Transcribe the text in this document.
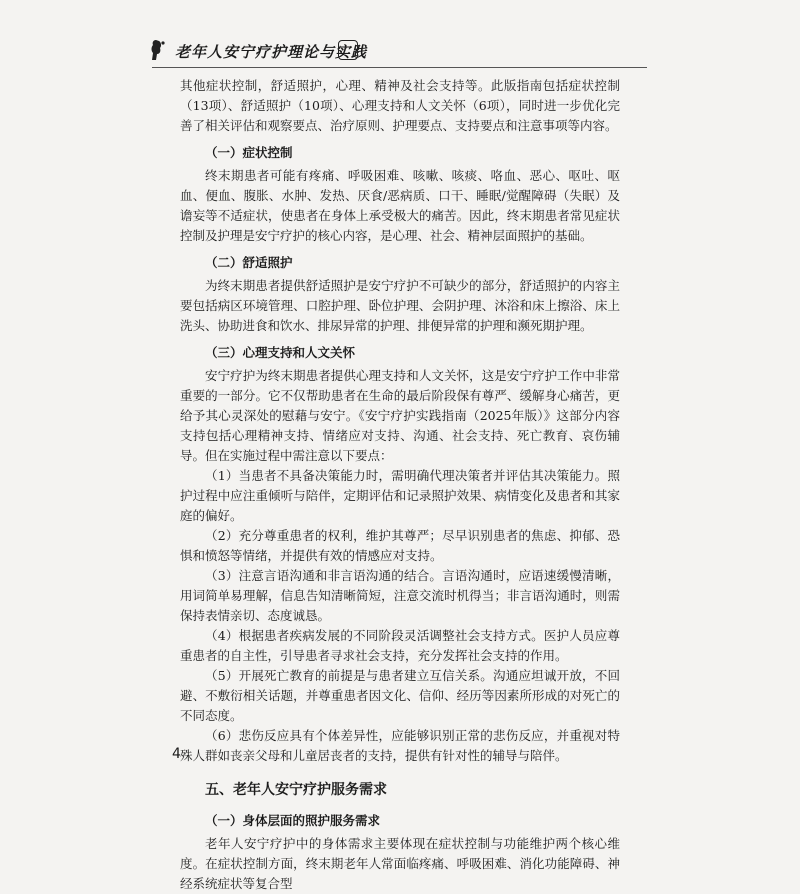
老年人安宁疗护理论与实践

其他症状控制，舒适照护，心理、精神及社会支持等。此版指南包括症状控制（13项）、舒适照护（10项）、心理支持和人文关怀（6项），同时进一步优化完善了相关评估和观察要点、治疗原则、护理要点、支持要点和注意事项等内容。

（一）症状控制

终末期患者可能有疼痛、呼吸困难、咳嗽、咳痰、咯血、恶心、呕吐、呕血、便血、腹胀、水肿、发热、厌食/恶病质、口干、睡眠/觉醒障碍（失眠）及谵妄等不适症状，使患者在身体上承受极大的痛苦。因此，终末期患者常见症状控制及护理是安宁疗护的核心内容，是心理、社会、精神层面照护的基础。

（二）舒适照护

为终末期患者提供舒适照护是安宁疗护不可缺少的部分，舒适照护的内容主要包括病区环境管理、口腔护理、卧位护理、会阴护理、沐浴和床上擦浴、床上洗头、协助进食和饮水、排尿异常的护理、排便异常的护理和濒死期护理。

（三）心理支持和人文关怀

安宁疗护为终末期患者提供心理支持和人文关怀，这是安宁疗护工作中非常重要的一部分。它不仅帮助患者在生命的最后阶段保有尊严、缓解身心痛苦，更给予其心灵深处的慰藉与安宁。《安宁疗护实践指南（2025年版）》这部分内容支持包括心理精神支持、情绪应对支持、沟通、社会支持、死亡教育、哀伤辅导。但在实施过程中需注意以下要点：

（1）当患者不具备决策能力时，需明确代理决策者并评估其决策能力。照护过程中应注重倾听与陪伴，定期评估和记录照护效果、病情变化及患者和其家庭的偏好。

（2）充分尊重患者的权利，维护其尊严；尽早识别患者的焦虑、抑郁、恐惧和愤怒等情绪，并提供有效的情感应对支持。

（3）注意言语沟通和非言语沟通的结合。言语沟通时，应语速缓慢清晰，用词简单易理解，信息告知清晰简短，注意交流时机得当；非言语沟通时，则需保持表情亲切、态度诚恳。

（4）根据患者疾病发展的不同阶段灵活调整社会支持方式。医护人员应尊重患者的自主性，引导患者寻求社会支持，充分发挥社会支持的作用。

（5）开展死亡教育的前提是与患者建立互信关系。沟通应坦诚开放，不回避、不敷衍相关话题，并尊重患者因文化、信仰、经历等因素所形成的对死亡的不同态度。

（6）悲伤反应具有个体差异性，应能够识别正常的悲伤反应，并重视对特殊人群如丧亲父母和儿童居丧者的支持，提供有针对性的辅导与陪伴。

五、老年人安宁疗护服务需求
（一）身体层面的照护服务需求

老年人安宁疗护中的身体需求主要体现在症状控制与功能维护两个核心维度。在症状控制方面，终末期老年人常面临疼痛、呼吸困难、消化功能障碍、神经系统症状等复合型

4
